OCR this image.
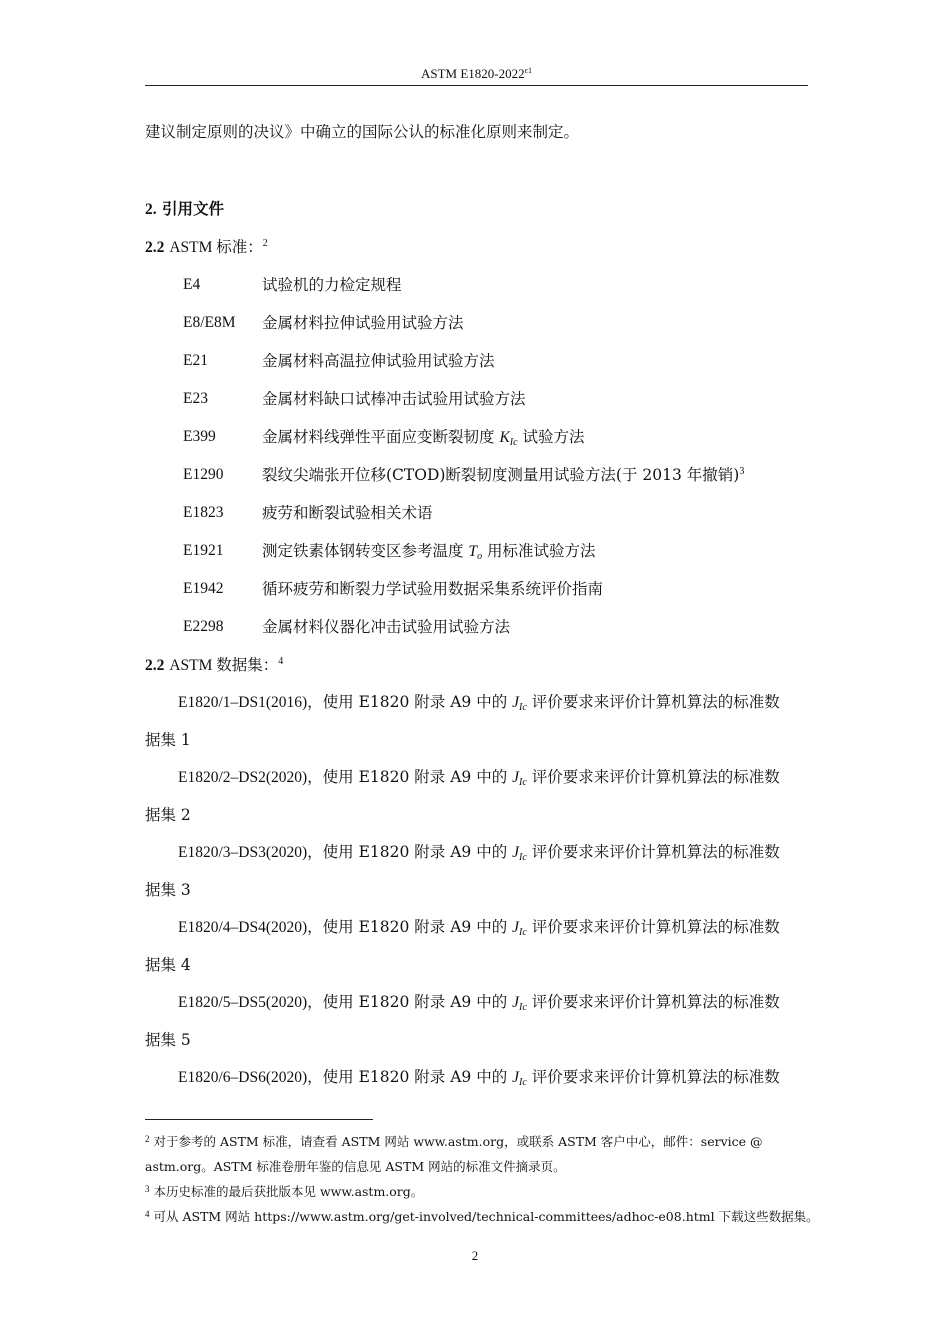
ASTM $E1820-2022^{\varepsilon 1}$
建议制定原则的决议》中确立的国际公认的标准化原则来制定。
2. 引用文件
2.2 ASTM 标准：$^2$
E4	试验机的力检定规程
E8/E8M 金属材料拉伸试验用试验方法
E21	金属材料高温拉伸试验用试验方法
E23	金属材料缺口试棒冲击试验用试验方法
E399	金属材料线弹性平面应变断裂韧度 $K_{Ic}$ 试验方法
E1290 裂纹尖端张开位移(CTOD)断裂韧度测量用试验方法(于 2013 年撤销)$^3$
E1823 疲劳和断裂试验相关术语
E1921 测定铁素体钢转变区参考温度 $T_o$ 用标准试验方法
E1942 循环疲劳和断裂力学试验用数据采集系统评价指南
E2298 金属材料仪器化冲击试验用试验方法
2.2 ASTM 数据集：$^4$
E1820/1–DS1(2016)，使用 E1820 附录 A9 中的 $J_{Ic}$ 评价要求来评价计算机算法的标准数
据集 1
E1820/2–DS2(2020)，使用 E1820 附录 A9 中的 $J_{Ic}$ 评价要求来评价计算机算法的标准数
据集 2
E1820/3–DS3(2020)，使用 E1820 附录 A9 中的 $J_{Ic}$ 评价要求来评价计算机算法的标准数
据集 3
E1820/4–DS4(2020)，使用 E1820 附录 A9 中的 $J_{Ic}$ 评价要求来评价计算机算法的标准数
据集 4
E1820/5–DS5(2020)，使用 E1820 附录 A9 中的 $J_{Ic}$ 评价要求来评价计算机算法的标准数
据集 5
E1820/6–DS6(2020)，使用 E1820 附录 A9 中的 $J_{Ic}$ 评价要求来评价计算机算法的标准数
$^2$ 对于参考的 ASTM 标准，请查看 ASTM 网站 www.astm.org，或联系 ASTM 客户中心，邮件：service @
astm.org。ASTM 标准卷册年鉴的信息见 ASTM 网站的标准文件摘录页。
$^3$ 本历史标准的最后获批版本见 www.astm.org。
$^4$ 可从 ASTM 网站 https://www.astm.org/get-involved/technical-committees/adhoc-e08.html 下载这些数据集。
2
